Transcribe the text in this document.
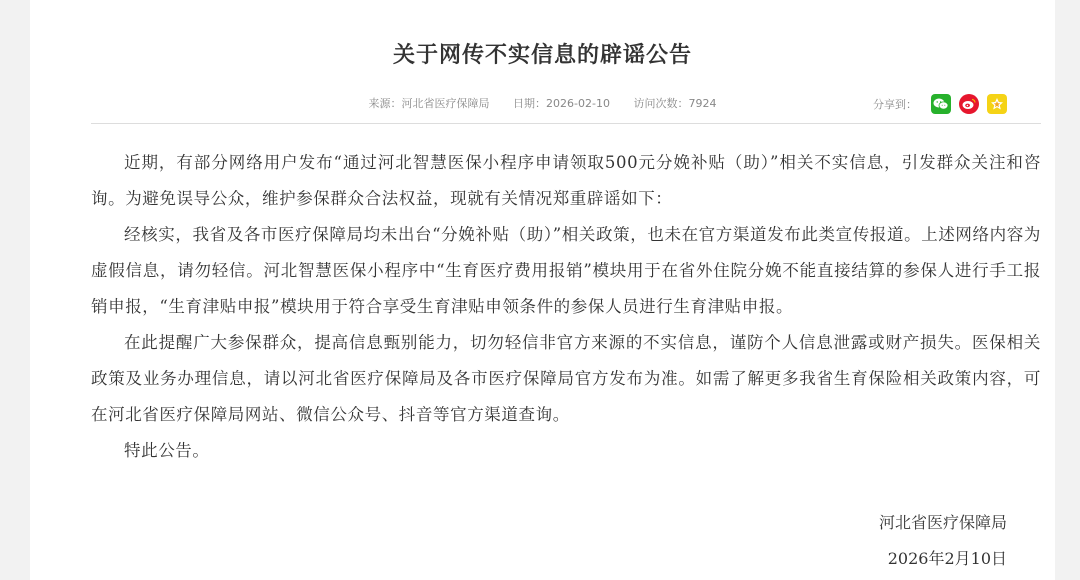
关于网传不实信息的辟谣公告
来源：河北省医疗保障局 日期：2026-02-10 访问次数：7924	分享到：

近期，有部分网络用户发布“通过河北智慧医保小程序申请领取500元分娩补贴（助）”相关不实信息，引发群众关注和咨询。为避免误导公众，维护参保群众合法权益，现就有关情况郑重辟谣如下：

经核实，我省及各市医疗保障局均未出台“分娩补贴（助）”相关政策，也未在官方渠道发布此类宣传报道。上述网络内容为虚假信息，请勿轻信。河北智慧医保小程序中“生育医疗费用报销”模块用于在省外住院分娩不能直接结算的参保人进行手工报销申报，“生育津贴申报”模块用于符合享受生育津贴申领条件的参保人员进行生育津贴申报。

在此提醒广大参保群众，提高信息甄别能力，切勿轻信非官方来源的不实信息，谨防个人信息泄露或财产损失。医保相关政策及业务办理信息，请以河北省医疗保障局及各市医疗保障局官方发布为准。如需了解更多我省生育保险相关政策内容，可在河北省医疗保障局网站、微信公众号、抖音等官方渠道查询。

特此公告。

河北省医疗保障局
2026年2月10日
